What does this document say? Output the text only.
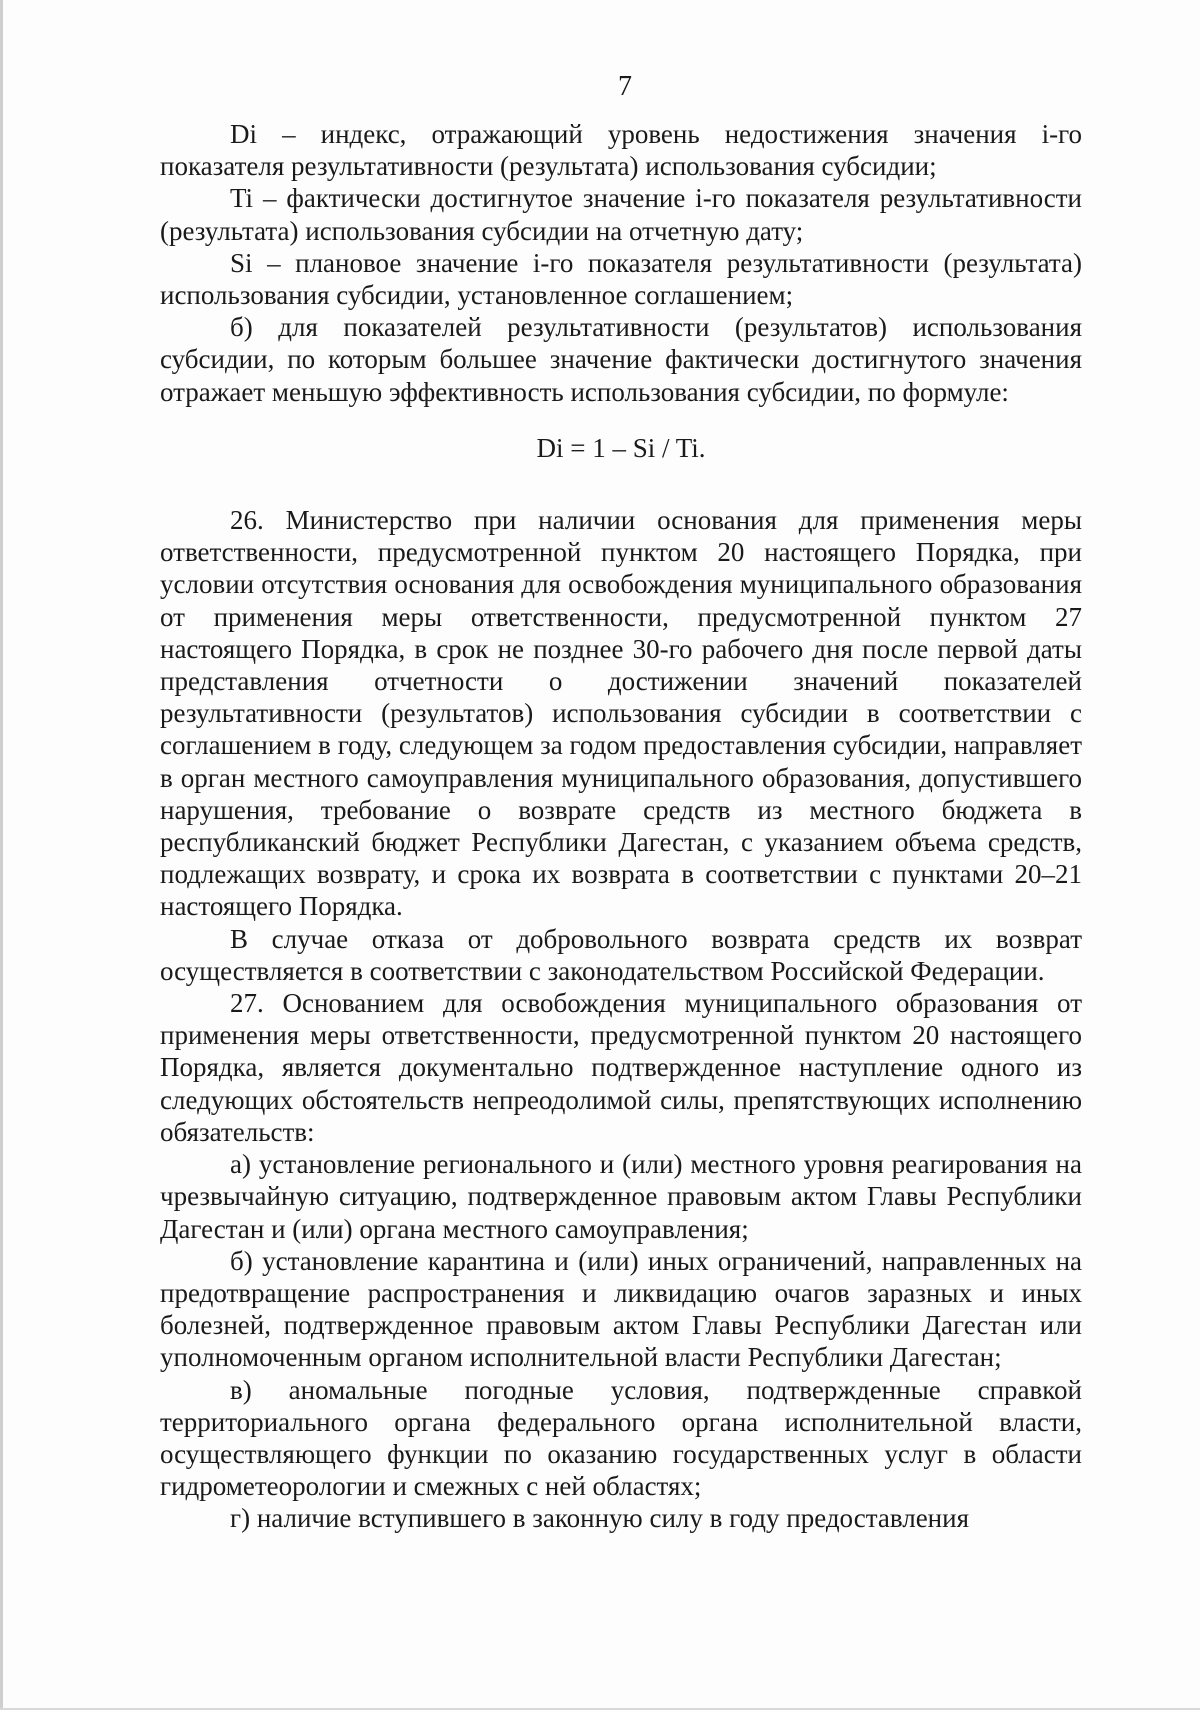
7

Di – индекс, отражающий уровень недостижения значения i-го показателя результативности (результата) использования субсидии;

Ti – фактически достигнутое значение i-го показателя результативности (результата) использования субсидии на отчетную дату;

Si – плановое значение i-го показателя результативности (результата) использования субсидии, установленное соглашением;

б) для показателей результативности (результатов) использования субсидии, по которым большее значение фактически достигнутого значения отражает меньшую эффективность использования субсидии, по формуле:

Di = 1 – Si / Ti.

26. Министерство при наличии основания для применения меры ответственности, предусмотренной пунктом 20 настоящего Порядка, при условии отсутствия основания для освобождения муниципального образования от применения меры ответственности, предусмотренной пунктом 27 настоящего Порядка, в срок не позднее 30-го рабочего дня после первой даты представления отчетности о достижении значений показателей результативности (результатов) использования субсидии в соответствии с соглашением в году, следующем за годом предоставления субсидии, направляет в орган местного самоуправления муниципального образования, допустившего нарушения, требование о возврате средств из местного бюджета в республиканский бюджет Республики Дагестан, с указанием объема средств, подлежащих возврату, и срока их возврата в соответствии с пунктами 20–21 настоящего Порядка.

В случае отказа от добровольного возврата средств их возврат осуществляется в соответствии с законодательством Российской Федерации.

27. Основанием для освобождения муниципального образования от применения меры ответственности, предусмотренной пунктом 20 настоящего Порядка, является документально подтвержденное наступление одного из следующих обстоятельств непреодолимой силы, препятствующих исполнению обязательств:

а) установление регионального и (или) местного уровня реагирования на чрезвычайную ситуацию, подтвержденное правовым актом Главы Республики Дагестан и (или) органа местного самоуправления;

б) установление карантина и (или) иных ограничений, направленных на предотвращение распространения и ликвидацию очагов заразных и иных болезней, подтвержденное правовым актом Главы Республики Дагестан или уполномоченным органом исполнительной власти Республики Дагестан;

в) аномальные погодные условия, подтвержденные справкой территориального органа федерального органа исполнительной власти, осуществляющего функции по оказанию государственных услуг в области гидрометеорологии и смежных с ней областях;

г) наличие вступившего в законную силу в году предоставления
